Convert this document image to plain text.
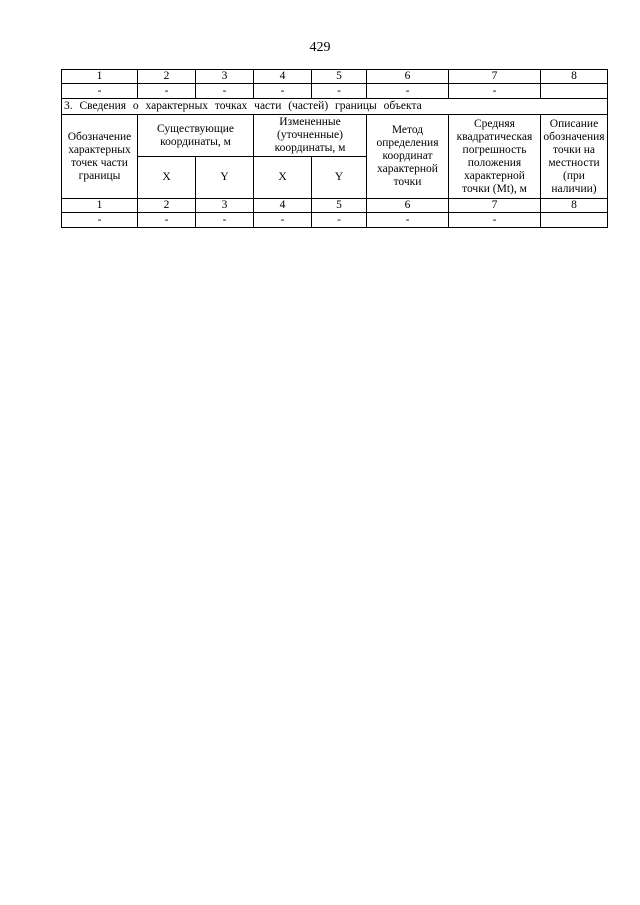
429
1	2	3	4	5	6	7	8
-	-	-	-	-	-	-	
3. Сведения о характерных точках части (частей) границы объекта							
Обозначение характерных точек части границы	Существующие координаты, м		Измененные (уточненные) координаты, м		Метод определения координат характерной точки	Средняя квадратическая погрешность положения характерной точки (Mt), м	Описание обозначения точки на местности (при наличии)
	X	Y	X	Y			
1	2	3	4	5	6	7	8
-	-	-	-	-	-	-	
